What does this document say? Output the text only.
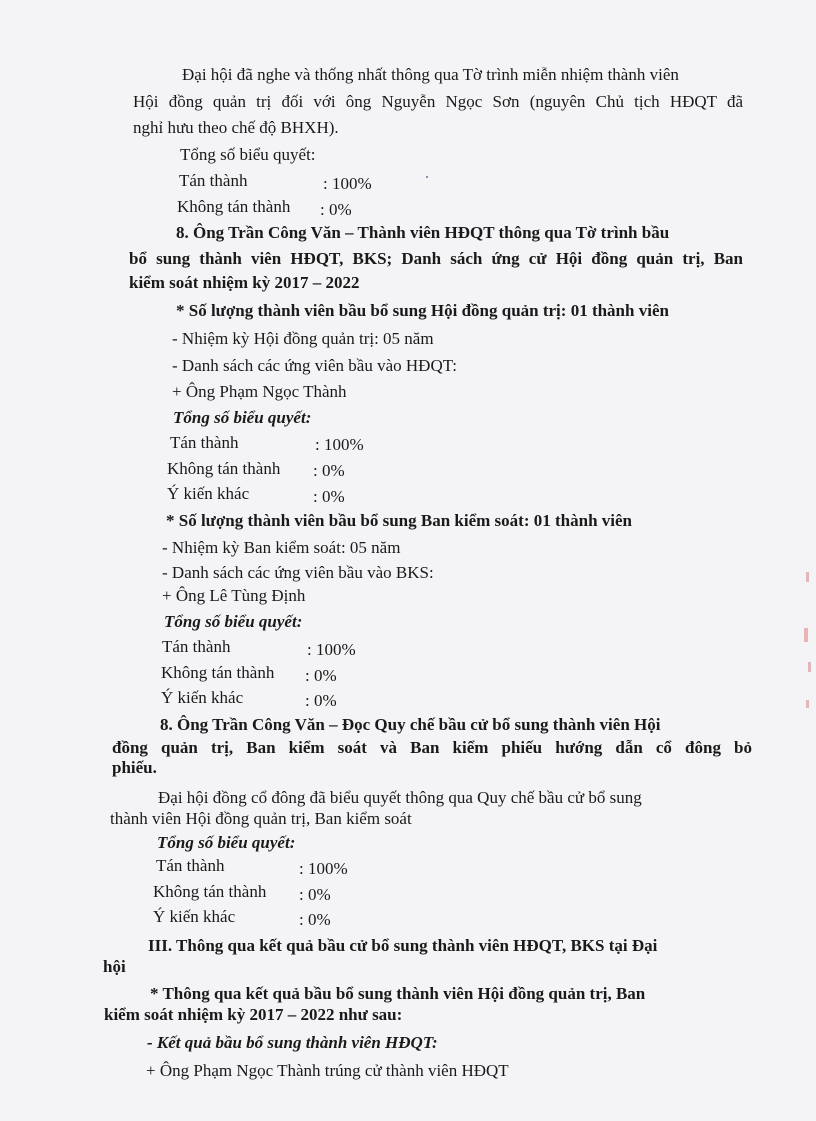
Đại hội đã nghe và thống nhất thông qua Tờ trình miễn nhiệm thành viên
Hội đồng quản trị đối với ông Nguyễn Ngọc Sơn (nguyên Chủ tịch HĐQT đã
nghỉ hưu theo chế độ BHXH).
Tổng số biểu quyết:
Tán thành	: 100%
Không tán thành : 0%
8. Ông Trần Công Văn – Thành viên HĐQT thông qua Tờ trình bầu
bổ sung thành viên HĐQT, BKS; Danh sách ứng cử Hội đồng quản trị, Ban
kiểm soát nhiệm kỳ 2017 – 2022
* Số lượng thành viên bầu bổ sung Hội đồng quản trị: 01 thành viên
- Nhiệm kỳ Hội đồng quản trị: 05 năm
- Danh sách các ứng viên bầu vào HĐQT:
+ Ông Phạm Ngọc Thành
Tổng số biểu quyết:
Tán thành	: 100%
Không tán thành : 0%
Ý kiến khác	: 0%
* Số lượng thành viên bầu bổ sung Ban kiểm soát: 01 thành viên
- Nhiệm kỳ Ban kiểm soát: 05 năm
- Danh sách các ứng viên bầu vào BKS:
+ Ông Lê Tùng Định
Tổng số biểu quyết:
Tán thành	: 100%
Không tán thành : 0%
Ý kiến khác	: 0%
8. Ông Trần Công Văn – Đọc Quy chế bầu cử bổ sung thành viên Hội
đồng quản trị, Ban kiểm soát và Ban kiểm phiếu hướng dẫn cổ đông bỏ
phiếu.
Đại hội đồng cổ đông đã biểu quyết thông qua Quy chế bầu cử bổ sung
thành viên Hội đồng quản trị, Ban kiểm soát
Tổng số biểu quyết:
Tán thành	: 100%
Không tán thành : 0%
Ý kiến khác	: 0%
III. Thông qua kết quả bầu cử bổ sung thành viên HĐQT, BKS tại Đại
hội
* Thông qua kết quả bầu bổ sung thành viên Hội đồng quản trị, Ban
kiểm soát nhiệm kỳ 2017 – 2022 như sau:
- Kết quả bầu bổ sung thành viên HĐQT:
+ Ông Phạm Ngọc Thành trúng cử thành viên HĐQT
